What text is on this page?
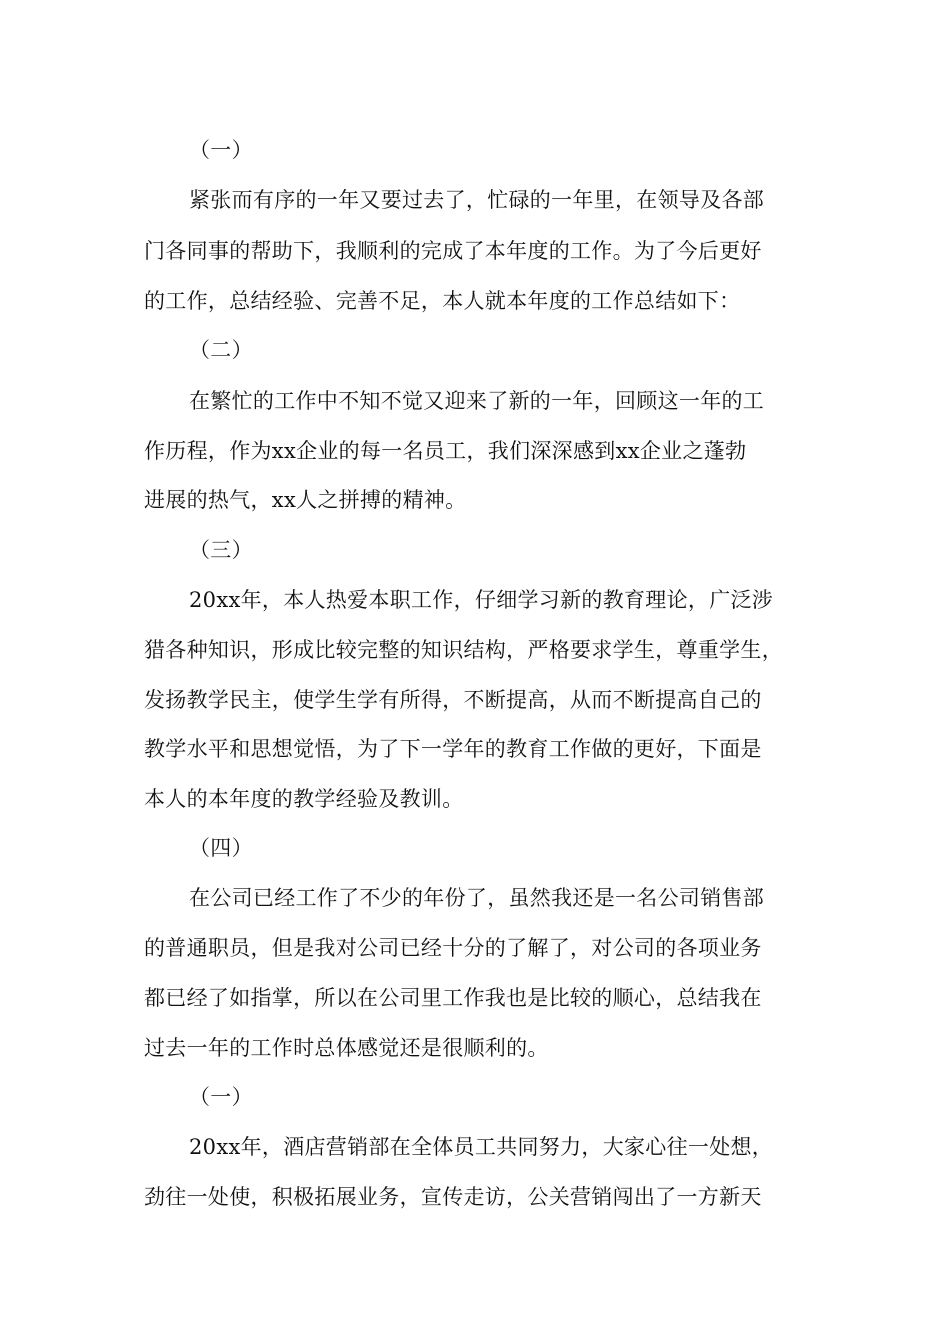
（一）
紧张而有序的一年又要过去了，忙碌的一年里，在领导及各部
门各同事的帮助下，我顺利的完成了本年度的工作。为了今后更好
的工作，总结经验、完善不足，本人就本年度的工作总结如下：
（二）
在繁忙的工作中不知不觉又迎来了新的一年，回顾这一年的工
作历程，作为xx企业的每一名员工，我们深深感到xx企业之蓬勃
进展的热气，xx人之拼搏的精神。
（三）
20xx年，本人热爱本职工作，仔细学习新的教育理论，广泛涉
猎各种知识，形成比较完整的知识结构，严格要求学生，尊重学生，
发扬教学民主，使学生学有所得，不断提高，从而不断提高自己的
教学水平和思想觉悟，为了下一学年的教育工作做的更好，下面是
本人的本年度的教学经验及教训。
（四）
在公司已经工作了不少的年份了，虽然我还是一名公司销售部
的普通职员，但是我对公司已经十分的了解了，对公司的各项业务
都已经了如指掌，所以在公司里工作我也是比较的顺心，总结我在
过去一年的工作时总体感觉还是很顺利的。
（一）
20xx年，酒店营销部在全体员工共同努力，大家心往一处想，
劲往一处使，积极拓展业务，宣传走访，公关营销闯出了一方新天
